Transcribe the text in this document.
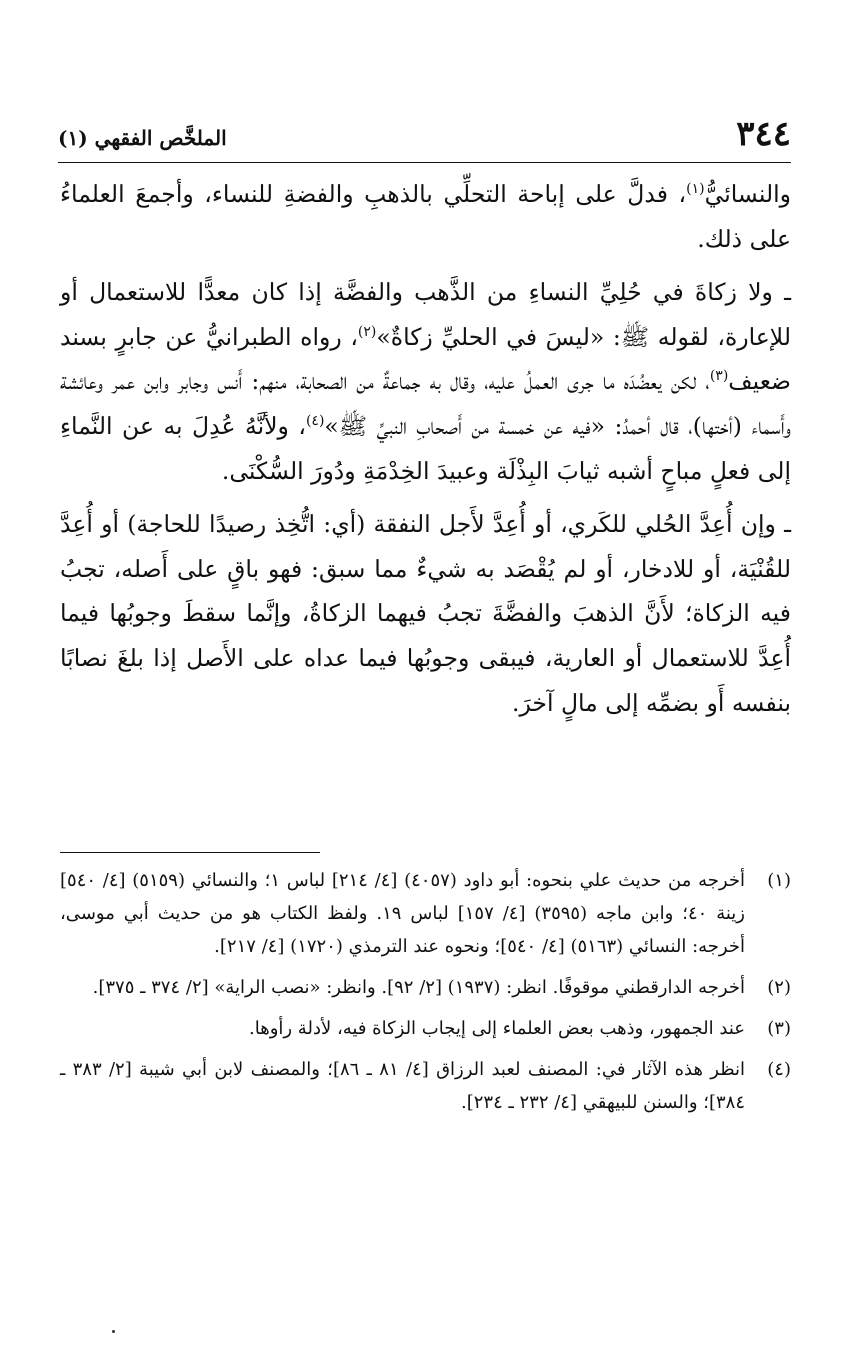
٣٤٤
الملخَّص الفقهي (١)

والنسائيُّ$^{(١)}$، فدلَّ على إباحة التحلِّي بالذهبِ والفضةِ للنساء، وأجمعَ العلماءُ على ذلك.

ـ ولا زكاةَ في حُلِيِّ النساءِ من الذَّهب والفضَّة إذا كان معدًّا للاستعمال أو للإعارة، لقوله ﷺ: «ليسَ في الحليِّ زكاةٌ»$^{(٢)}$، رواه الطبرانيُّ عن جابرٍ بسند ضعيف$^{(٣)}$، لكن يعضُدَه ما جرى العملُ عليه، وقال به جماعةٌ من الصحابة، منهم: أَنس وجابر وابن عمر وعائشة وأَسماء (أختها)، قال أحمدُ: «فيه عن خمسة من أَصحابِ النبيِّ ﷺ»$^{(٤)}$، ولأنَّهُ عُدِلَ به عن النَّماءِ إلى فعلٍ مباحٍ أشبه ثيابَ البِذْلَة وعبيدَ الخِدْمَةِ ودُورَ السُّكْنَى.

ـ وإن أُعِدَّ الحُلي للكَري، أو أُعِدَّ لأَجل النفقة (أي: اتُّخِذ رصيدًا للحاجة) أو أُعِدَّ للقُنْيَة، أو للادخار، أو لم يُقْصَد به شيءٌ مما سبق: فهو باقٍ على أَصله، تجبُ فيه الزكاة؛ لأَنَّ الذهبَ والفضَّةَ تجبُ فيهما الزكاةُ، وإنَّما سقطَ وجوبُها فيما أُعِدَّ للاستعمال أو العارية، فيبقى وجوبُها فيما عداه على الأَصل إذا بلغَ نصابًا بنفسه أَو بضمِّه إلى مالٍ آخرَ.

(١)
أخرجه من حديث علي بنحوه: أبو داود (٤٠٥٧) [٤/ ٢١٤] لباس ١؛ والنسائي (٥١٥٩) [٤/ ٥٤٠] زينة ٤٠؛ وابن ماجه (٣٥٩٥) [٤/ ١٥٧] لباس ١٩. ولفظ الكتاب هو من حديث أبي موسى، أخرجه: النسائي (٥١٦٣) [٤/ ٥٤٠]؛ ونحوه عند الترمذي (١٧٢٠) [٤/ ٢١٧].
(٢)
أخرجه الدارقطني موقوفًا. انظر: (١٩٣٧) [٢/ ٩٢]. وانظر: «نصب الراية» [٢/ ٣٧٤ ـ ٣٧٥].
(٣)
عند الجمهور، وذهب بعض العلماء إلى إيجاب الزكاة فيه، لأدلة رأوها.
(٤)
انظر هذه الآثار في: المصنف لعبد الرزاق [٤/ ٨١ ـ ٨٦]؛ والمصنف لابن أبي شيبة [٢/ ٣٨٣ ـ ٣٨٤]؛ والسنن للبيهقي [٤/ ٢٣٢ ـ ٢٣٤].
